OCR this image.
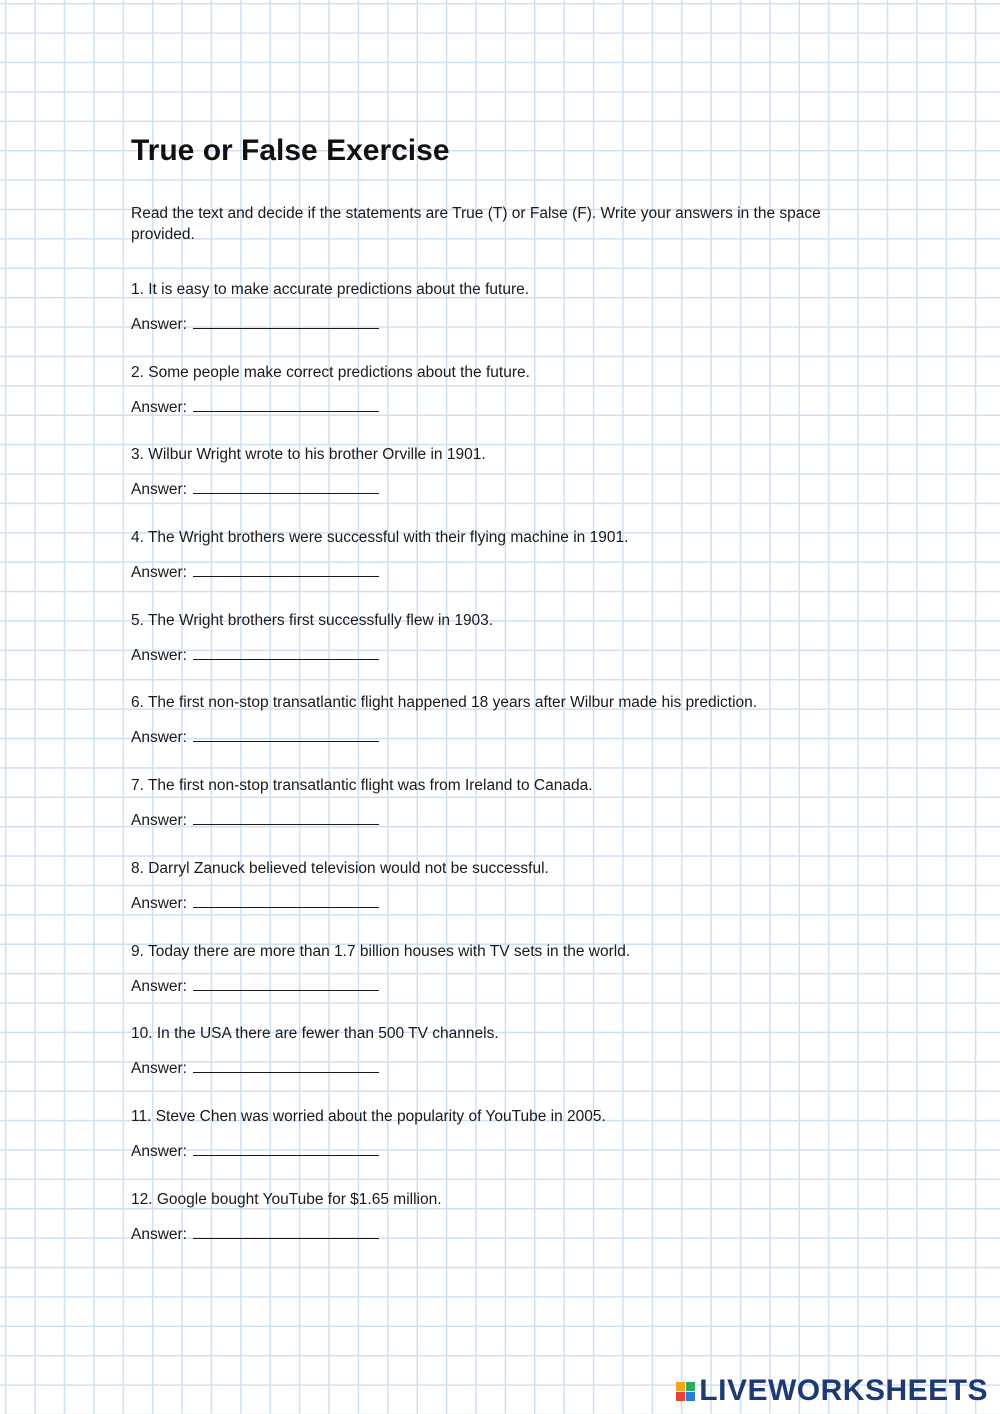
True or False Exercise

Read the text and decide if the statements are True (T) or False (F). Write your answers in the space provided.

1. It is easy to make accurate predictions about the future.
Answer:
2. Some people make correct predictions about the future.
Answer:
3. Wilbur Wright wrote to his brother Orville in 1901.
Answer:
4. The Wright brothers were successful with their flying machine in 1901.
Answer:
5. The Wright brothers first successfully flew in 1903.
Answer:
6. The first non-stop transatlantic flight happened 18 years after Wilbur made his prediction.
Answer:
7. The first non-stop transatlantic flight was from Ireland to Canada.
Answer:
8. Darryl Zanuck believed television would not be successful.
Answer:
9. Today there are more than 1.7 billion houses with TV sets in the world.
Answer:
10. In the USA there are fewer than 500 TV channels.
Answer:
11. Steve Chen was worried about the popularity of YouTube in 2005.
Answer:
12. Google bought YouTube for $1.65 million.
Answer:
LIVEWORKSHEETS
